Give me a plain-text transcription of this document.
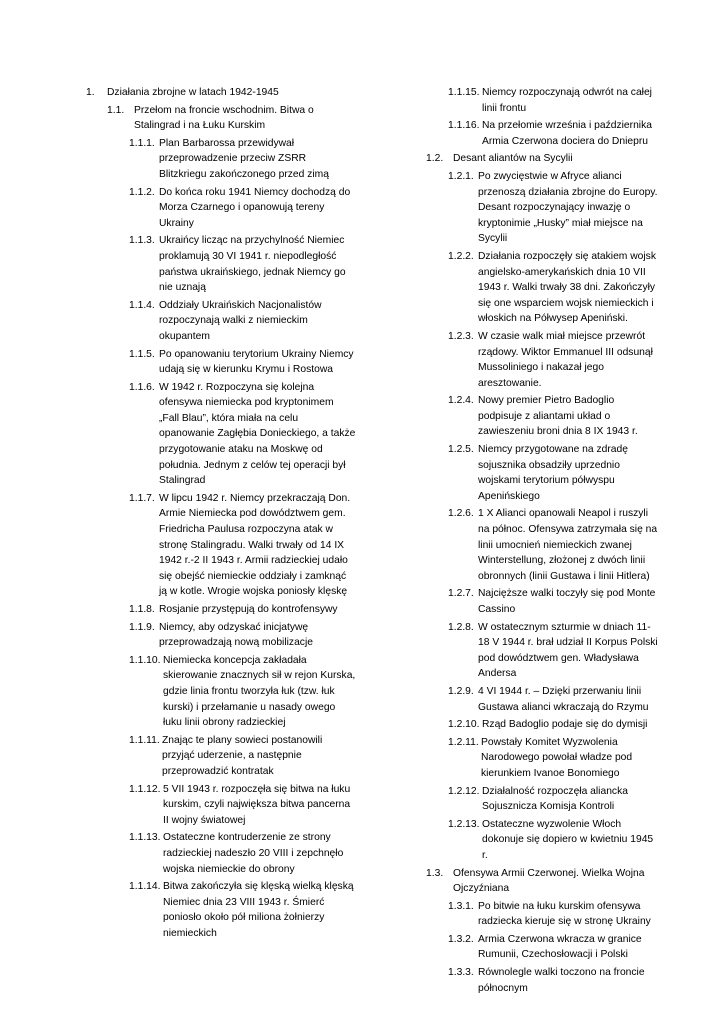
1.	Działania zbrojne w latach 1942-1945
1.1. Przełom na froncie wschodnim. Bitwa o Stalingrad i na Łuku Kurskim
1.1.1. Plan Barbarossa przewidywał przeprowadzenie przeciw ZSRR Blitzkriegu zakończonego przed zimą
1.1.2. Do końca roku 1941 Niemcy dochodzą do Morza Czarnego i opanowują tereny Ukrainy
1.1.3. Ukraińcy licząc na przychylność Niemiec proklamują 30 VI 1941 r. niepodległość państwa ukraińskiego, jednak Niemcy go nie uznają
1.1.4. Oddziały Ukraińskich Nacjonalistów rozpoczynają walki z niemieckim okupantem
1.1.5. Po opanowaniu terytorium Ukrainy Niemcy udają się w kierunku Krymu i Rostowa
1.1.6. W 1942 r. Rozpoczyna się kolejna ofensywa niemiecka pod kryptonimem „Fall Blau”, która miała na celu opanowanie Zagłębia Donieckiego, a także przygotowanie ataku na Moskwę od południa. Jednym z celów tej operacji był Stalingrad
1.1.7. W lipcu 1942 r. Niemcy przekraczają Don. Armie Niemiecka pod dowództwem gem. Friedricha Paulusa rozpoczyna atak w stronę Stalingradu. Walki trwały od 14 IX 1942 r.-2 II 1943 r. Armii radzieckiej udało się obejść niemieckie oddziały i zamknąć ją w kotle. Wrogie wojska poniosły klęskę
1.1.8. Rosjanie przystępują do kontrofensywy
1.1.9. Niemcy, aby odzyskać inicjatywę przeprowadzają nową mobilizacje
1.1.10. Niemiecka koncepcja zakładała skierowanie znacznych sił w rejon Kurska, gdzie linia frontu tworzyła łuk (tzw. łuk kurski) i przełamanie u nasady owego łuku linii obrony radzieckiej
1.1.11. Znając te plany sowieci postanowili przyjąć uderzenie, a następnie przeprowadzić kontratak
1.1.12. 5 VII 1943 r. rozpoczęła się bitwa na łuku kurskim, czyli największa bitwa pancerna II wojny światowej
1.1.13. Ostateczne kontruderzenie ze strony radzieckiej nadeszło 20 VIII i zepchnęło wojska niemieckie do obrony
1.1.14. Bitwa zakończyła się klęską wielką klęską Niemiec dnia 23 VIII 1943 r. Śmierć poniosło około pół miliona żołnierzy niemieckich
1.1.15. Niemcy rozpoczynają odwrót na całej linii frontu
1.1.16. Na przełomie września i października Armia Czerwona dociera do Dniepru
1.2. Desant aliantów na Sycylii
1.2.1. Po zwycięstwie w Afryce alianci przenoszą działania zbrojne do Europy. Desant rozpoczynający inwazję o kryptonimie „Husky” miał miejsce na Sycylii
1.2.2. Działania rozpoczęły się atakiem wojsk angielsko-amerykańskich dnia 10 VII 1943 r. Walki trwały 38 dni. Zakończyły się one wsparciem wojsk niemieckich i włoskich na Półwysep Apeniński.
1.2.3. W czasie walk miał miejsce przewrót rządowy. Wiktor Emmanuel III odsunął Mussoliniego i nakazał jego aresztowanie.
1.2.4. Nowy premier Pietro Badoglio podpisuje z aliantami układ o zawieszeniu broni dnia 8 IX 1943 r.
1.2.5. Niemcy przygotowane na zdradę sojusznika obsadziły uprzednio wojskami terytorium półwyspu Apenińskiego
1.2.6. 1 X Alianci opanowali Neapol i ruszyli na północ. Ofensywa zatrzymała się na linii umocnień niemieckich zwanej Winterstellung, złożonej z dwóch linii obronnych (linii Gustawa i linii Hitlera)
1.2.7. Najcięższe walki toczyły się pod Monte Cassino
1.2.8. W ostatecznym szturmie w dniach 11-18 V 1944 r. brał udział II Korpus Polski pod dowództwem gen. Władysława Andersa
1.2.9. 4 VI 1944 r. – Dzięki przerwaniu linii Gustawa alianci wkraczają do Rzymu
1.2.10. Rząd Badoglio podaje się do dymisji
1.2.11. Powstały Komitet Wyzwolenia Narodowego powołał władze pod kierunkiem Ivanoe Bonomiego
1.2.12. Działalność rozpoczęła aliancka Sojusznicza Komisja Kontroli
1.2.13. Ostateczne wyzwolenie Włoch dokonuje się dopiero w kwietniu 1945 r.
1.3. Ofensywa Armii Czerwonej. Wielka Wojna Ojczyźniana
1.3.1. Po bitwie na łuku kurskim ofensywa radziecka kieruje się w stronę Ukrainy
1.3.2. Armia Czerwona wkracza w granice Rumunii, Czechosłowacji i Polski
1.3.3. Równolegle walki toczono na froncie północnym
